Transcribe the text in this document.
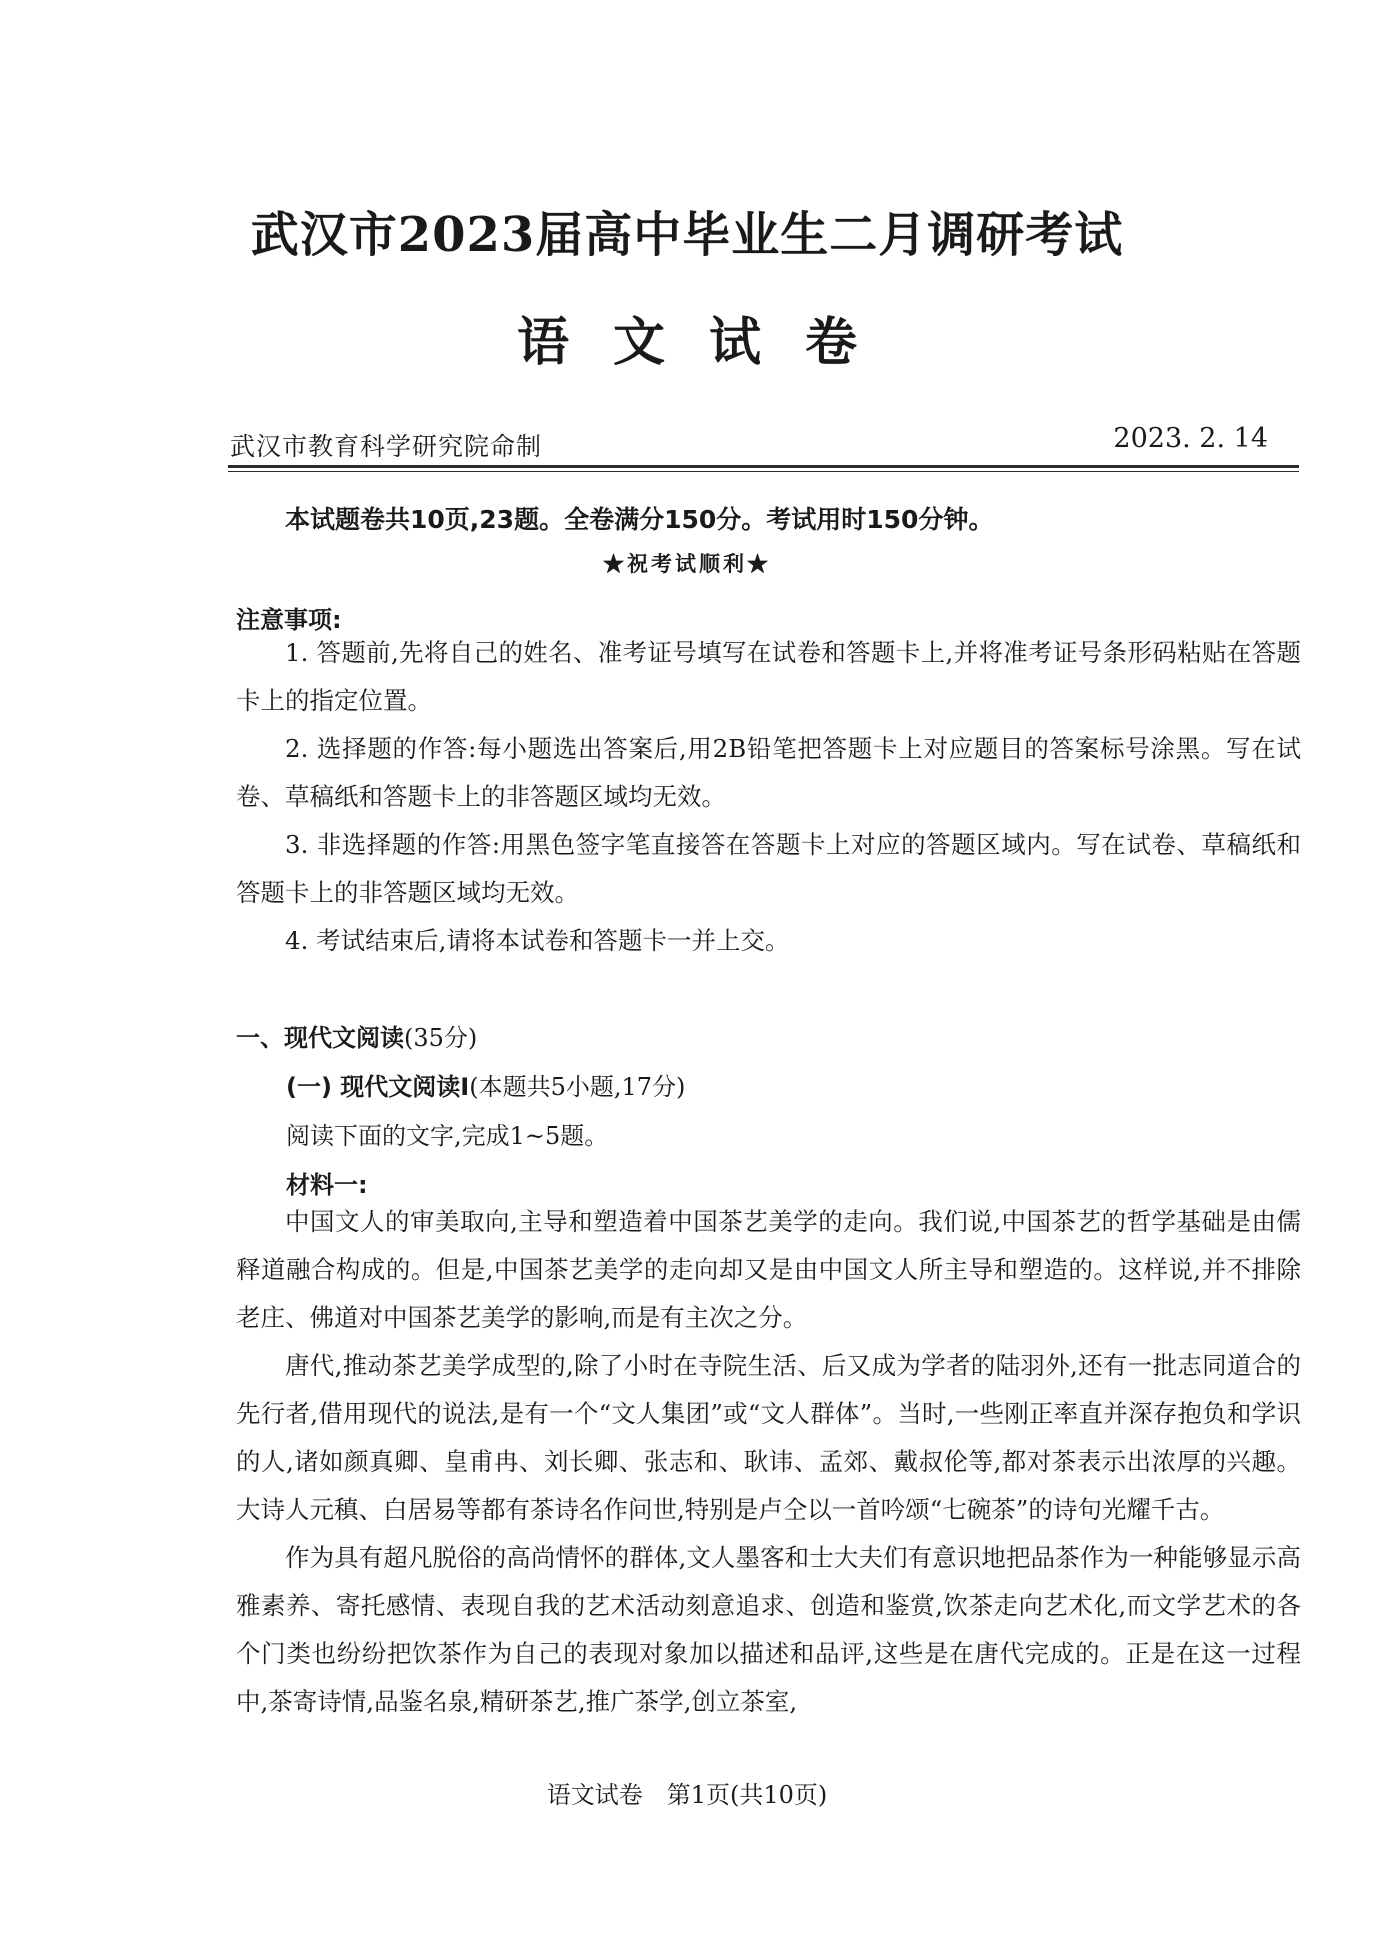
武汉市2023届高中毕业生二月调研考试
语文试卷
武汉市教育科学研究院命制	2023. 2. 14
本试题卷共10页,23题。全卷满分150分。考试用时150分钟。
★祝考试顺利★
注意事项:

1. 答题前,先将自己的姓名、准考证号填写在试卷和答题卡上,并将准考证号条形码粘贴在答题卡上的指定位置。

2. 选择题的作答:每小题选出答案后,用2B铅笔把答题卡上对应题目的答案标号涂黑。写在试卷、草稿纸和答题卡上的非答题区域均无效。

3. 非选择题的作答:用黑色签字笔直接答在答题卡上对应的答题区域内。写在试卷、草稿纸和答题卡上的非答题区域均无效。

4. 考试结束后,请将本试卷和答题卡一并上交。

一、现代文阅读(35分)
(一) 现代文阅读Ⅰ(本题共5小题,17分)
阅读下面的文字,完成1~5题。
材料一:

中国文人的审美取向,主导和塑造着中国茶艺美学的走向。我们说,中国茶艺的哲学基础是由儒释道融合构成的。但是,中国茶艺美学的走向却又是由中国文人所主导和塑造的。这样说,并不排除老庄、佛道对中国茶艺美学的影响,而是有主次之分。

唐代,推动茶艺美学成型的,除了小时在寺院生活、后又成为学者的陆羽外,还有一批志同道合的先行者,借用现代的说法,是有一个“文人集团”或“文人群体”。当时,一些刚正率直并深存抱负和学识的人,诸如颜真卿、皇甫冉、刘长卿、张志和、耿讳、孟郊、戴叔伦等,都对茶表示出浓厚的兴趣。大诗人元稹、白居易等都有茶诗名作问世,特别是卢仝以一首吟颂“七碗茶”的诗句光耀千古。

作为具有超凡脱俗的高尚情怀的群体,文人墨客和士大夫们有意识地把品茶作为一种能够显示高雅素养、寄托感情、表现自我的艺术活动刻意追求、创造和鉴赏,饮茶走向艺术化,而文学艺术的各个门类也纷纷把饮茶作为自己的表现对象加以描述和品评,这些是在唐代完成的。正是在这一过程中,茶寄诗情,品鉴名泉,精研茶艺,推广茶学,创立茶室,

语文试卷　第1页(共10页)
